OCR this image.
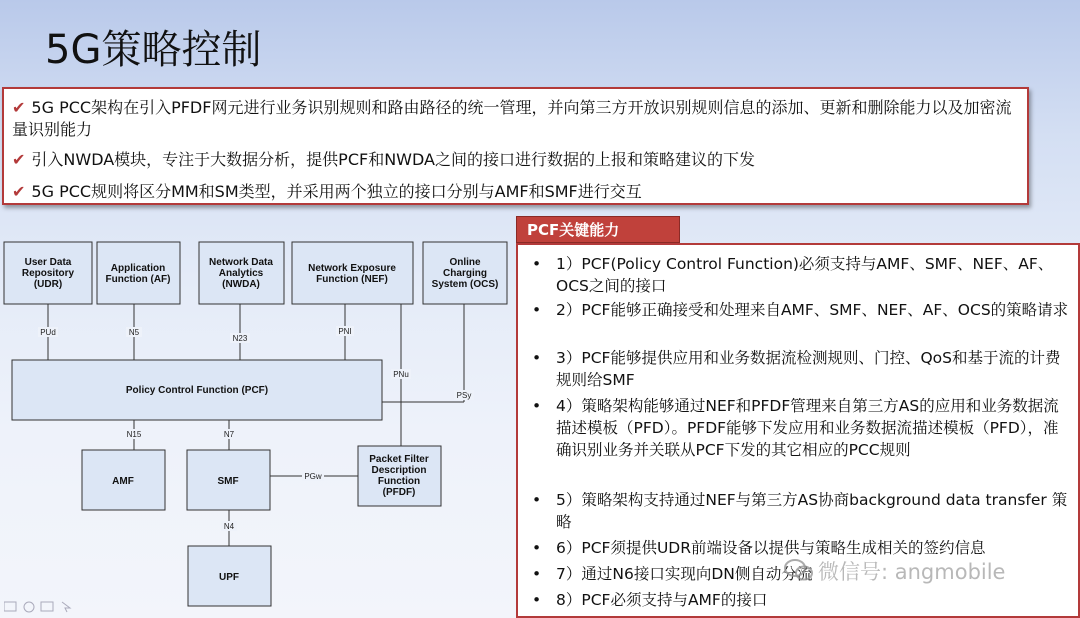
5G策略控制
✔ 5G PCC架构在引入PFDF网元进行业务识别规则和路由路径的统一管理，并向第三方开放识别规则信息的添加、更新和删除能力以及加密流量识别能力
✔ 引入NWDA模块，专注于大数据分析，提供PCF和NWDA之间的接口进行数据的上报和策略建议的下发
✔ 5G PCC规则将区分MM和SM类型，并采用两个独立的接口分别与AMF和SMF进行交互
User Data
Repository
(UDR)
Application
Function (AF)
Network Data
Analytics
(NWDA)
Network Exposure
Function (NEF)
Online
Charging
System (OCS)
Policy Control Function (PCF)
AMF	SMF
Packet Filter
Description
Function
(PFDF)
UPF
PUd	N5
N23
PNI
PNu
PSy
N15	N7
PGw
N4
PCF关键能力
• 1）PCF(Policy Control Function)必须支持与AMF、SMF、NEF、AF、OCS之间的接口
• 2）PCF能够正确接受和处理来自AMF、SMF、NEF、AF、OCS的策略请求
• 3）PCF能够提供应用和业务数据流检测规则、门控、QoS和基于流的计费规则给SMF
• 4）策略架构能够通过NEF和PFDF管理来自第三方AS的应用和业务数据流描述模板（PFD）。PFDF能够下发应用和业务数据流描述模板（PFD），准确识别业务并关联从PCF下发的其它相应的PCC规则
• 5）策略架构支持通过NEF与第三方AS协商background data transfer 策略
• 6）PCF须提供UDR前端设备以提供与策略生成相关的签约信息
• 7）通过N6接口实现向DN侧自动分流
• 8）PCF必须支持与AMF的接口
微信号: angmobile
